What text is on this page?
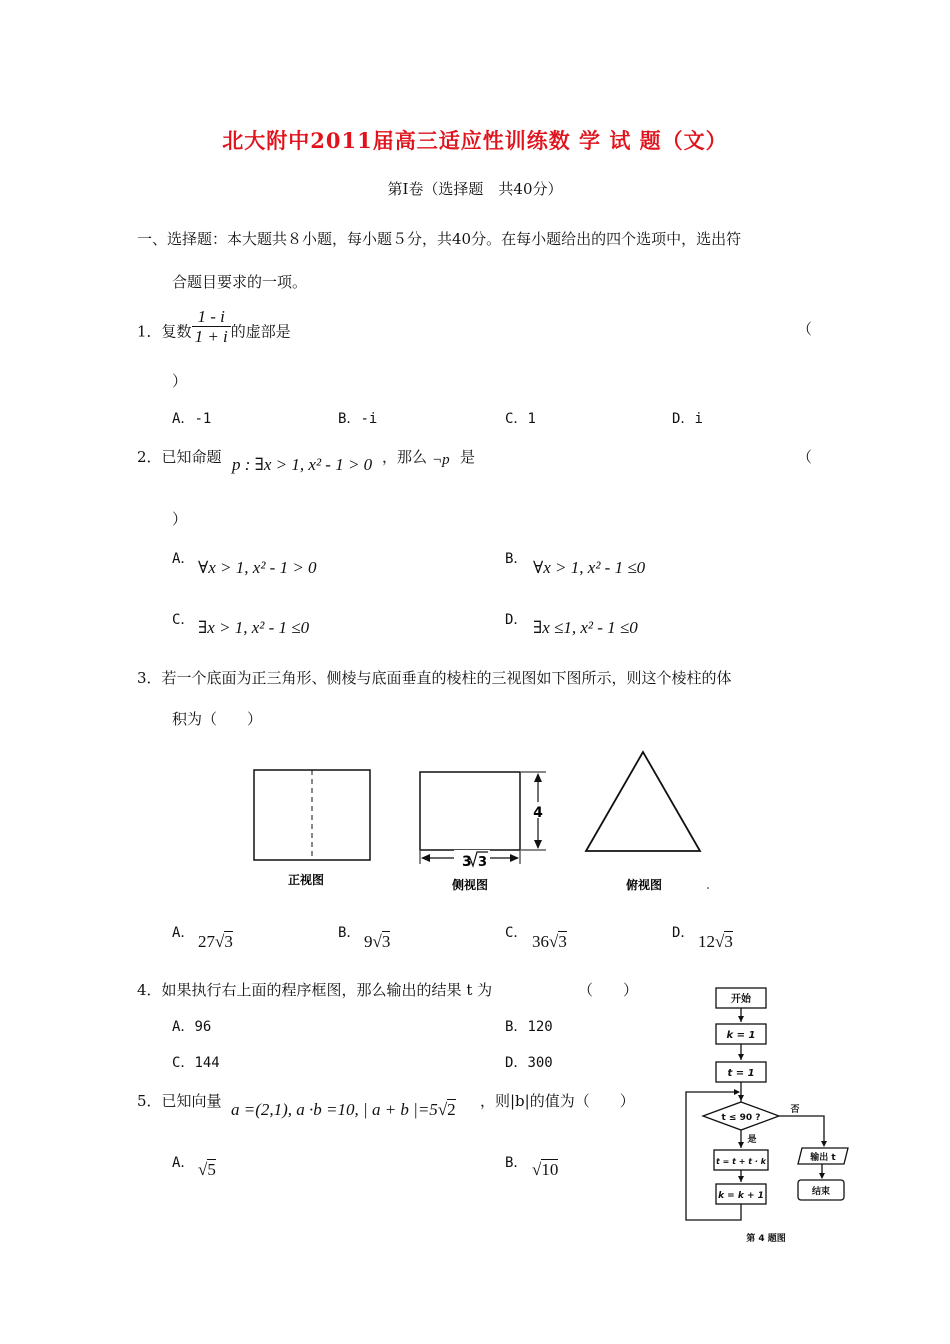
北大附中2011届高三适应性训练数 学 试 题（文）
第Ⅰ卷（选择题　共40分）
一、选择题：本大题共８小题，每小题５分，共40分。在每小题给出的四个选项中，选出符
合题目要求的一项。
1．复数 $\frac{1 - i}{1 + i}$ 的虚部是	（
）
A．-1	B．-i	C．1	D．i
2．已知命题 p : ∃x > 1, x² - 1 > 0 ，那么 ¬p 是	（
）
A． ∀x > 1, x² - 1 > 0	B． ∀x > 1, x² - 1 ≤0
C． ∃x > 1, x² - 1 ≤0	D． ∃x ≤1, x² - 1 ≤0
3．若一个底面为正三角形、侧棱与底面垂直的棱柱的三视图如下图所示，则这个棱柱的体
积为（　　）
4
3 3
正视图	侧视图	俯视图
A． 27√3	B． 9√3	C． 36√3	D． 12√3
4．如果执行右上面的程序框图，那么输出的结果 t 为	（　　）
A．96	B．120
C．144	D．300
5．已知向量 a =(2,1), a ·b =10, | a + b |=5√2 ，则|b|的值为（　　）
A． √5	B． √10
开始
k = 1
t = 1
t ≤ 90 ?
是
否
t = t + t · k
k = k + 1
输出 t
结束
第 4 题图
